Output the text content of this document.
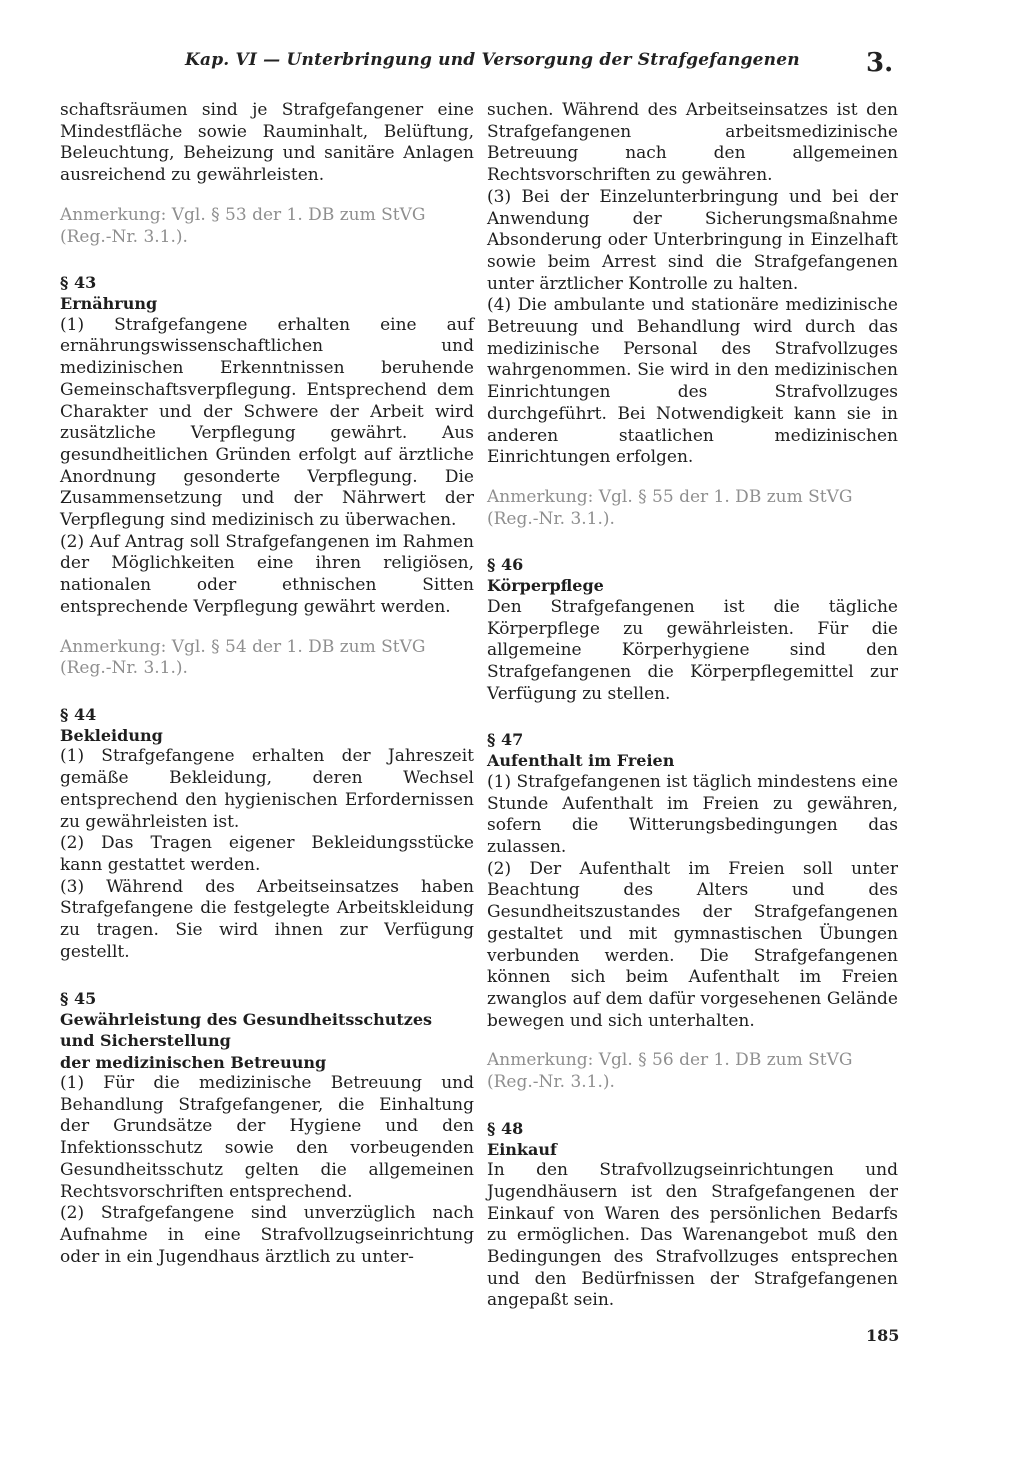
Kap. VI — Unterbringung und Versorgung der Strafgefangenen	3.

schaftsräumen sind je Strafgefangener eine Mindestfläche sowie Rauminhalt, Belüftung, Beleuchtung, Beheizung und sanitäre Anlagen ausreichend zu gewährleisten.

Anmerkung: Vgl. § 53 der 1. DB zum StVG (Reg.-Nr. 3.1.).

§ 43

Ernährung

(1) Strafgefangene erhalten eine auf ernährungswissenschaftlichen und medizinischen Erkenntnissen beruhende Gemeinschaftsverpflegung. Entsprechend dem Charakter und der Schwere der Arbeit wird zusätzliche Verpflegung gewährt. Aus gesundheitlichen Gründen erfolgt auf ärztliche Anordnung gesonderte Verpflegung. Die Zusammensetzung und der Nährwert der Verpflegung sind medizinisch zu überwachen.

(2) Auf Antrag soll Strafgefangenen im Rahmen der Möglichkeiten eine ihren religiösen, nationalen oder ethnischen Sitten entsprechende Verpflegung gewährt werden.

Anmerkung: Vgl. § 54 der 1. DB zum StVG (Reg.-Nr. 3.1.).

§ 44

Bekleidung

(1) Strafgefangene erhalten der Jahreszeit gemäße Bekleidung, deren Wechsel entsprechend den hygienischen Erfordernissen zu gewährleisten ist.

(2) Das Tragen eigener Bekleidungsstücke kann gestattet werden.

(3) Während des Arbeitseinsatzes haben Strafgefangene die festgelegte Arbeitskleidung zu tragen. Sie wird ihnen zur Verfügung gestellt.

§ 45

Gewährleistung des Gesundheitsschutzes

und Sicherstellung

der medizinischen Betreuung

(1) Für die medizinische Betreuung und Behandlung Strafgefangener, die Einhaltung der Grundsätze der Hygiene und den Infektionsschutz sowie den vorbeugenden Gesundheitsschutz gelten die allgemeinen Rechtsvorschriften entsprechend.

(2) Strafgefangene sind unverzüglich nach Aufnahme in eine Strafvollzugseinrichtung oder in ein Jugendhaus ärztlich zu unter-

suchen. Während des Arbeitseinsatzes ist den Strafgefangenen arbeitsmedizinische Betreuung nach den allgemeinen Rechtsvorschriften zu gewähren.

(3) Bei der Einzelunterbringung und bei der Anwendung der Sicherungsmaßnahme Absonderung oder Unterbringung in Einzelhaft sowie beim Arrest sind die Strafgefangenen unter ärztlicher Kontrolle zu halten.

(4) Die ambulante und stationäre medizinische Betreuung und Behandlung wird durch das medizinische Personal des Strafvollzuges wahrgenommen. Sie wird in den medizinischen Einrichtungen des Strafvollzuges durchgeführt. Bei Notwendigkeit kann sie in anderen staatlichen medizinischen Einrichtungen erfolgen.

Anmerkung: Vgl. § 55 der 1. DB zum StVG (Reg.-Nr. 3.1.).

§ 46

Körperpflege

Den Strafgefangenen ist die tägliche Körperpflege zu gewährleisten. Für die allgemeine Körperhygiene sind den Strafgefangenen die Körperpflegemittel zur Verfügung zu stellen.

§ 47

Aufenthalt im Freien

(1) Strafgefangenen ist täglich mindestens eine Stunde Aufenthalt im Freien zu gewähren, sofern die Witterungsbedingungen das zulassen.

(2) Der Aufenthalt im Freien soll unter Beachtung des Alters und des Gesundheitszustandes der Strafgefangenen gestaltet und mit gymnastischen Übungen verbunden werden. Die Strafgefangenen können sich beim Aufenthalt im Freien zwanglos auf dem dafür vorgesehenen Gelände bewegen und sich unterhalten.

Anmerkung: Vgl. § 56 der 1. DB zum StVG (Reg.-Nr. 3.1.).

§ 48

Einkauf

In den Strafvollzugseinrichtungen und Jugendhäusern ist den Strafgefangenen der Einkauf von Waren des persönlichen Bedarfs zu ermöglichen. Das Warenangebot muß den Bedingungen des Strafvollzuges entsprechen und den Bedürfnissen der Strafgefangenen angepaßt sein.

185
